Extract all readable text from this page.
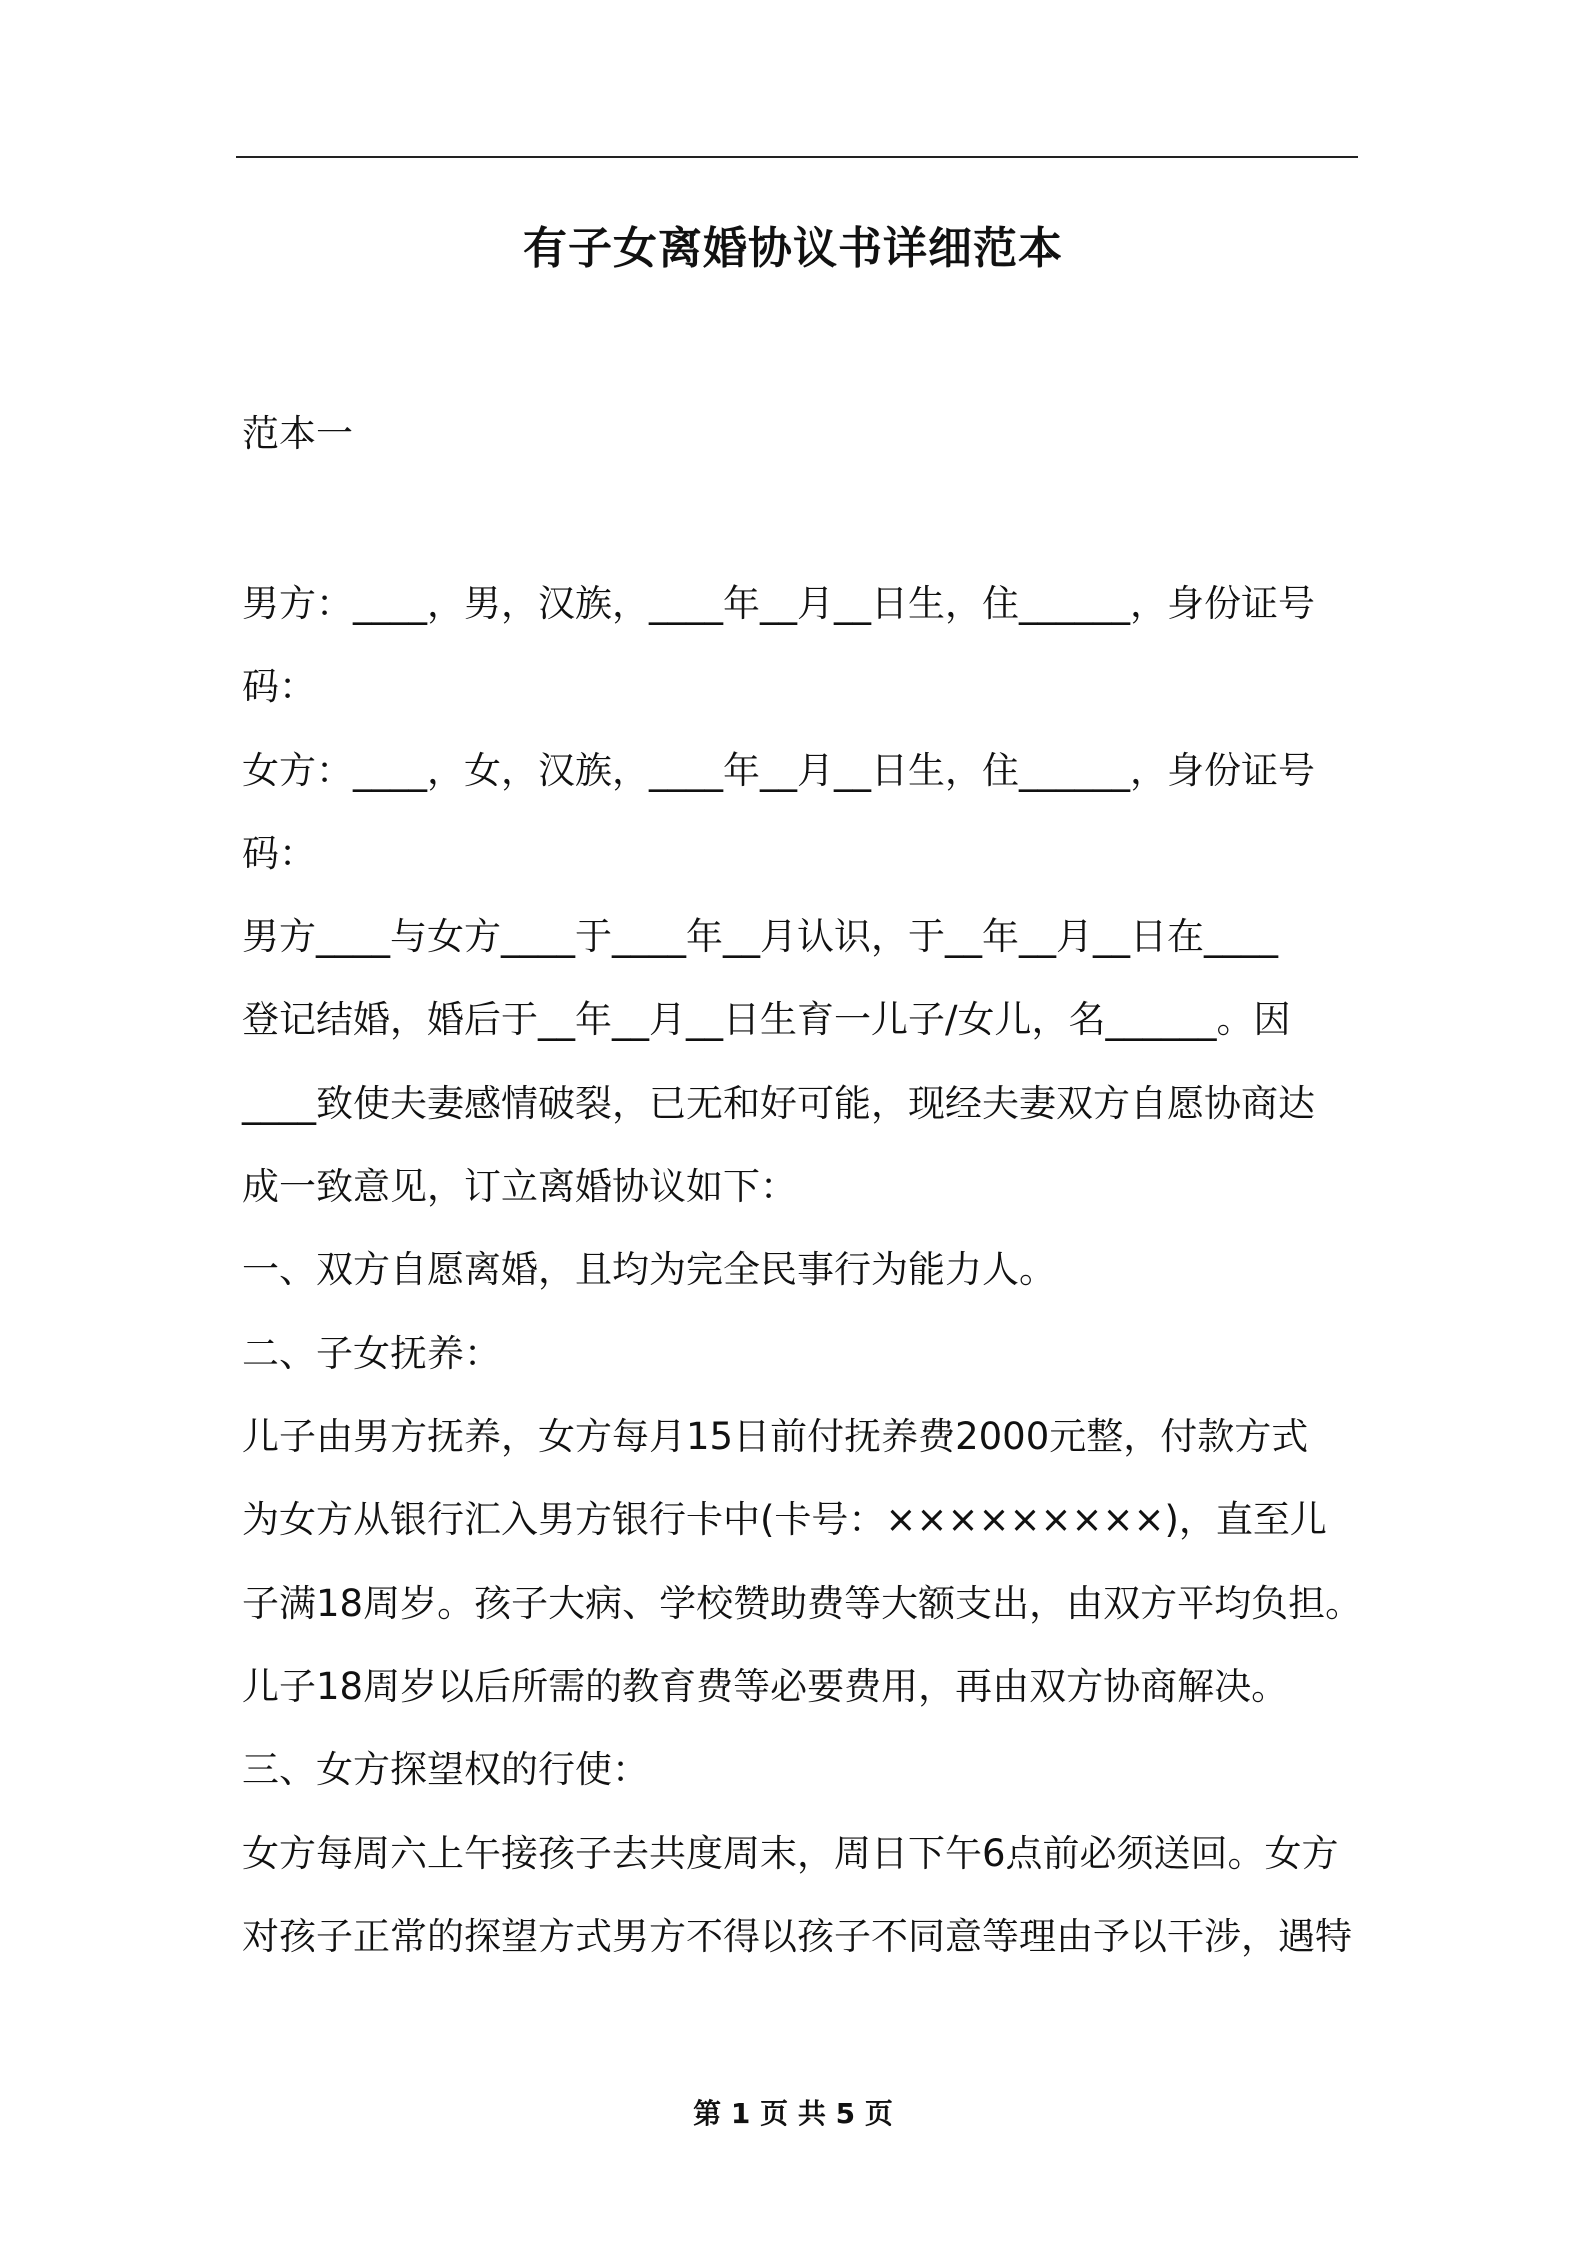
有子女离婚协议书详细范本
范本一
男方：____，男，汉族，____年__月__日生，住______，身份证号
码：
女方：____，女，汉族，____年__月__日生，住______，身份证号
码：
男方____与女方____于____年__月认识，于__年__月__日在____
登记结婚，婚后于__年__月__日生育一儿子/女儿，名______。因
____致使夫妻感情破裂，已无和好可能，现经夫妻双方自愿协商达
成一致意见，订立离婚协议如下：
一、双方自愿离婚，且均为完全民事行为能力人。
二、子女抚养：
儿子由男方抚养，女方每月15日前付抚养费2000元整，付款方式
为女方从银行汇入男方银行卡中(卡号：×××××××××)，直至儿
子满18周岁。孩子大病、学校赞助费等大额支出，由双方平均负担。
儿子18周岁以后所需的教育费等必要费用，再由双方协商解决。
三、女方探望权的行使：
女方每周六上午接孩子去共度周末，周日下午6点前必须送回。女方
对孩子正常的探望方式男方不得以孩子不同意等理由予以干涉，遇特
第 1 页 共 5 页
